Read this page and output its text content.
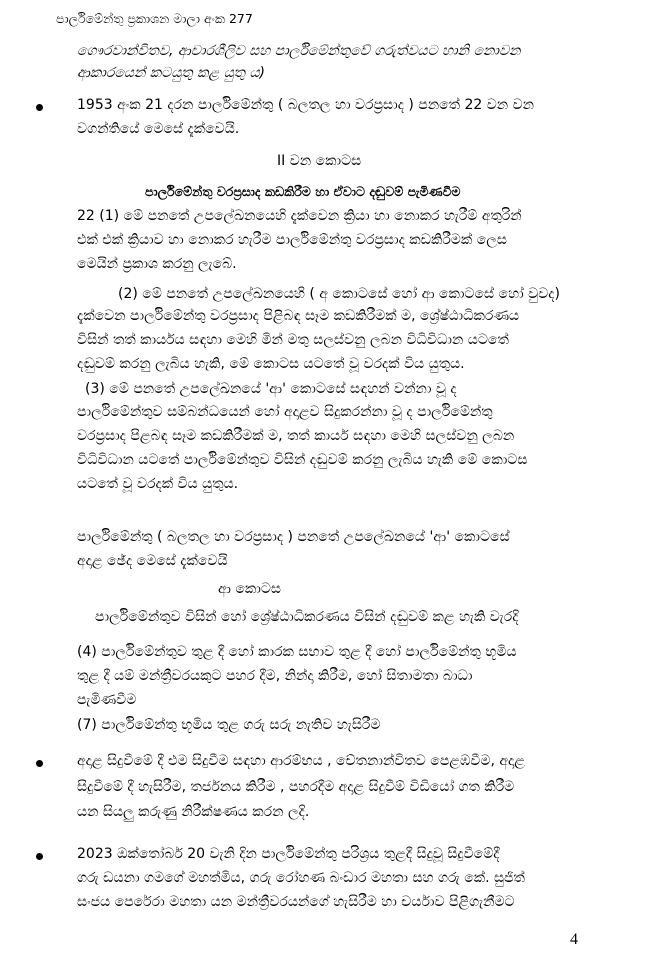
පාර්ලිමේන්තු ප්‍රකාශන මාලා අංක 277
ගෞරවාන්විතව, ආචාරශීලිව සහ පාර්ලිමේන්තුවේ ගරුත්වයට හානි නොවන
ආකාරයෙන් කටයුතු කළ යුතු ය)
1953 අංක 21 දරන පාර්ලිමේන්තු ( බලතල හා වරප්‍රසාද ) පනතේ 22 වන වන
වගන්තියේ මෙසේ දැක්වෙයි.
II වන කොටස
පාර්ලිමේන්තු වරප්‍රසාද කඩකිරීම හා ඒවාට දඬුවම් පැමිණවීම
22 (1) මේ පනතේ උපලේඛනයෙහි දැක්වෙන ක්‍රියා හා නොකර හැරීම් අතුරින්
එක් එක් ක්‍රියාව හා නොකර හැරීම පාර්ලිමේන්තු වරප්‍රසාද කඩකිරීමක් ලෙස
මෙයින් ප්‍රකාශ කරනු ලැබේ.
(2) මේ පනතේ උපලේඛනයෙහි ( අ කොටසේ හෝ ආ කොටසේ හෝ වුවද)
දැක්වෙන පාර්ලිමේන්තු වරප්‍රසාද පිළිබඳ සෑම කඩකිරීමක් ම, ශ්‍රේෂ්ඨාධිකරණය
විසින් තත් කාර්යය සඳහා මෙහි මින් මතු සලස්වනු ලබන විධිවිධාන යටතේ
දඬුවම් කරනු ලැබිය හැකි, මේ කොටස යටතේ වූ වරදක් විය යුතුය.
(3) මේ පනතේ උපලේඛනයේ 'ආ' කොටසේ සඳහන් වන්නා වූ ද
පාර්ලිමේන්තුව සම්බන්ධයෙන් හෝ අදාළව සිදුකරන්නා වූ ද පාර්ලිමේන්තු
වරප්‍රසාද පිළබඳ සෑම කඩකිරීමක් ම, තත් කාර්ය සඳහා මෙහි සලස්වනු ලබන
විධිවිධාන යටතේ පාර්ලිමේන්තුව විසින් දඬුවම් කරනු ලැබිය හැකි මේ කොටස
යටතේ වූ වරදක් විය යුතුය.
පාර්ලිමේන්තු ( බලතල හා වරප්‍රසාද ) පනතේ උපලේඛනයේ 'ආ' කොටසේ
අදාළ ඡේද මෙසේ දැක්වෙයි
ආ කොටස
පාර්ලිමේන්තුව විසින් හෝ ශ්‍රේෂ්ඨාධිකරණය විසින් දඬුවම් කළ හැකි වැරදි
(4) පාර්ලිමේන්තුව තුළ දී හෝ කාරක සභාව තුළ දී හෝ පාර්ලිමේන්තු භූමිය
තුළ දී යම් මන්ත්‍රීවරයකුට පහර දීම, නින්දා කිරීම, හෝ සිතාමතා බාධා
පැමිණවීම
(7) පාර්ලිමේන්තු භූමිය තුළ ගරු සරු නැතිව හැසිරීම
අදාළ සිදුවීමේ දී එම සිදුවීම සඳහා ආරම්භය , චේතනාන්විතව පෙළඹවීම, අදාළ
සිදුවීමේ දී හැසිරීම, තර්ජනය කිරීම , පහරදීම අදාළ සිදුවීම් විඩියෝ ගත කිරීම
යන සියලු කරුණු නිරීක්ෂණය කරන ලදි.
2023 ඔක්තෝබර් 20 වැනි දින පාර්ලිමේන්තු පරිශ්‍රය තුළදී සිදුවූ සිදුවීමේදී
ගරු ඩයනා ගමගේ මහත්මිය, ගරු රෝහණ බංඩාර මහතා සහ ගරු කේ. සුජිත්
සංජය පෙරේරා මහතා යන මන්ත්‍රීවරයන්ගේ හැසිරීම හා චර්යාව පිළිගැනීමට
4
